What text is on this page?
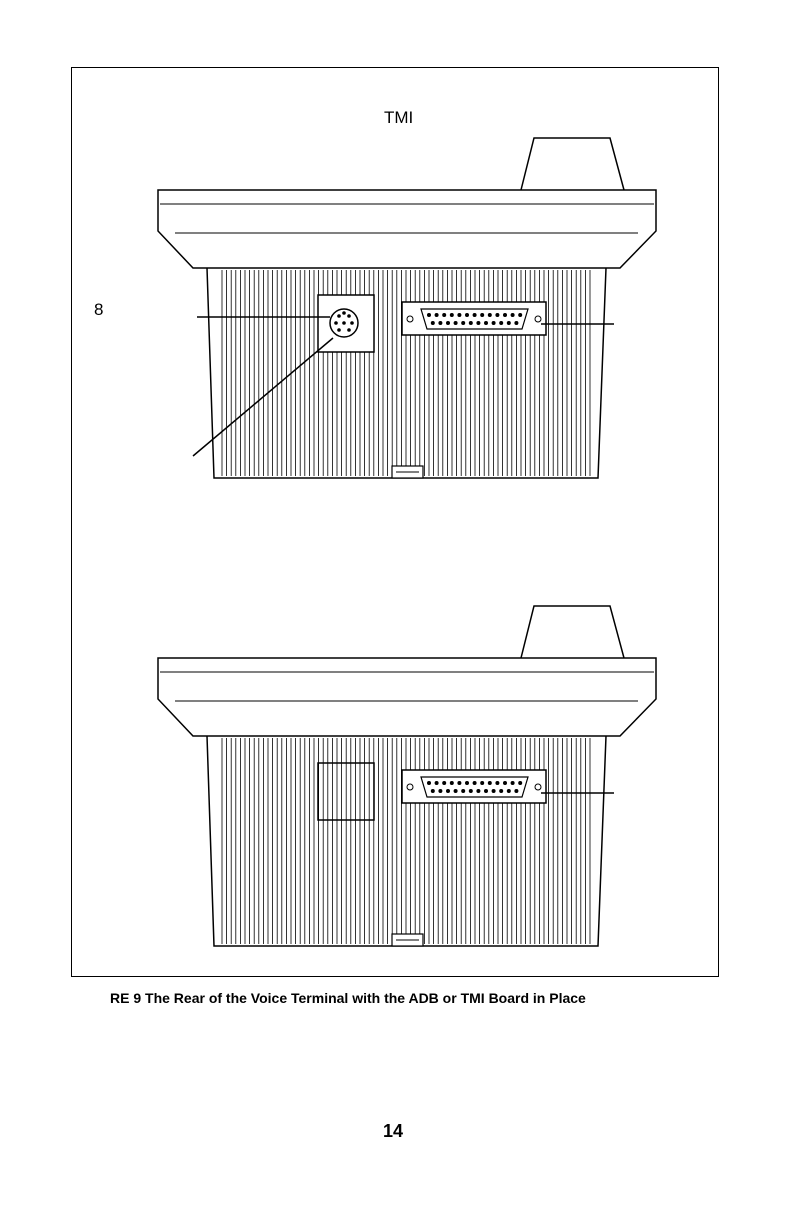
TMI
8
RE 9 The Rear of the Voice Terminal with the ADB or TMI Board in Place
14
